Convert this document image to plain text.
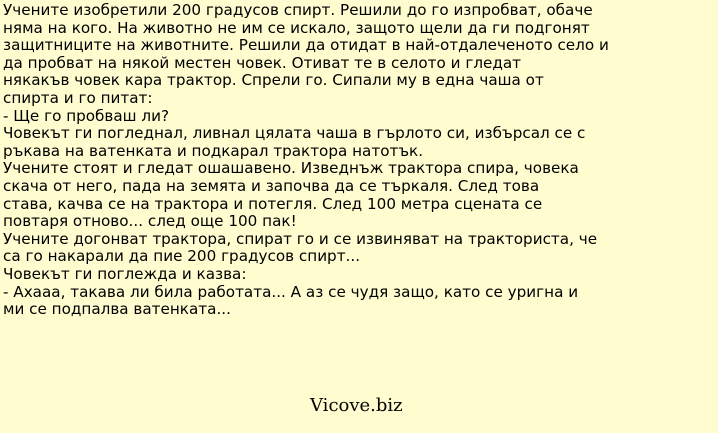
Учените изобретили 200 градусов спирт. Решили до го изпробват, обаче
няма на кого. На животно не им се искало, защото щели да ги подгонят
защитниците на животните. Решили да отидат в най-отдалеченото село и
да пробват на някой местен човек. Отиват те в селото и гледат
някакъв човек кара трактор. Спрели го. Сипали му в една чаша от
спирта и го питат:

- Ще го пробваш ли?

Човекът ги погледнал, ливнал цялата чаша в гърлото си, избърсал се с
ръкава на ватенката и подкарал трактора натотък.

Учените стоят и гледат ошашавено. Изведнъж трактора спира, човека
скача от него, пада на земята и започва да се търкаля. След това
става, качва се на трактора и потегля. След 100 метра сцената се
повтаря отново... след още 100 пак!

Учените догонват трактора, спират го и се извиняват на тракториста, че
са го накарали да пие 200 градусов спирт...

Човекът ги поглежда и казва:

- Ахааа, такава ли била работата... А аз се чудя защо, като се уригна и
ми се подпалва ватенката...

Vicove.biz
